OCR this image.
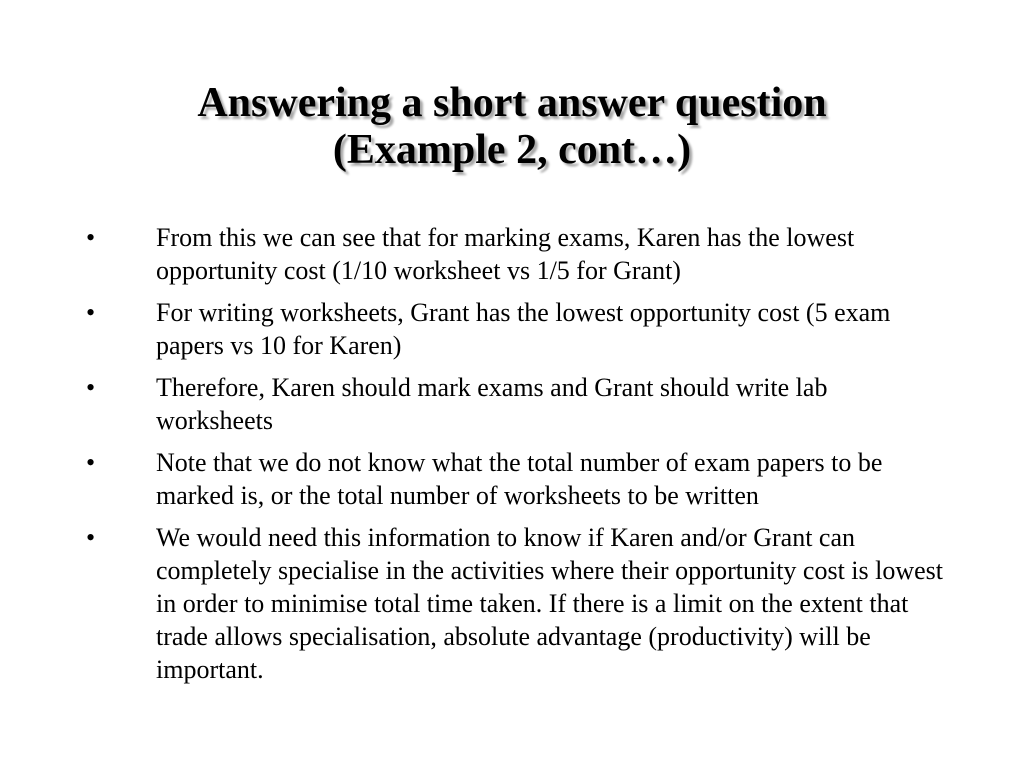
Answering a short answer question
(Example 2, cont…)
•	From this we can see that for marking exams, Karen has the lowest opportunity cost (1/10 worksheet vs 1/5 for Grant)
•	For writing worksheets, Grant has the lowest opportunity cost (5 exam papers vs 10 for Karen)
•	Therefore, Karen should mark exams and Grant should write lab worksheets
•	Note that we do not know what the total number of exam papers to be marked is, or the total number of worksheets to be written
•	We would need this information to know if Karen and/or Grant can completely specialise in the activities where their opportunity cost is lowest in order to minimise total time taken. If there is a limit on the extent that trade allows specialisation, absolute advantage (productivity) will be important.
